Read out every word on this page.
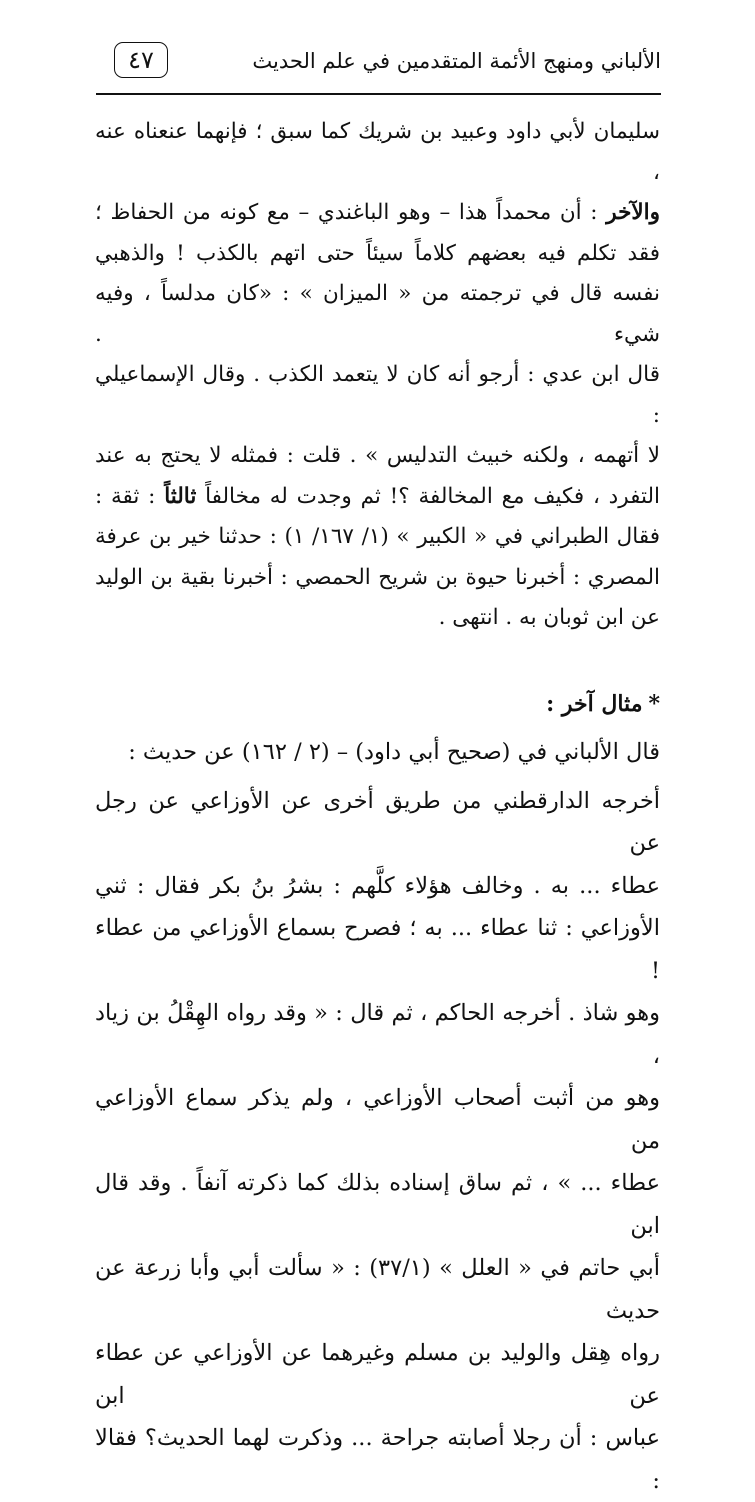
٤٧	الألباني ومنهج الأئمة المتقدمين في علم الحديث

سليمان لأبي داود وعبيد بن شريك كما سبق ؛ فإنهما عنعناه عنه ،

والآخر : أن محمداً هذا – وهو الباغندي – مع كونه من الحفاظ ؛

فقد تكلم فيه بعضهم كلاماً سيئاً حتى اتهم بالكذب ! والذهبي

نفسه قال في ترجمته من « الميزان » : «كان مدلساً ، وفيه شيء .

قال ابن عدي : أرجو أنه كان لا يتعمد الكذب . وقال الإسماعيلي :

لا أتهمه ، ولكنه خبيث التدليس » . قلت : فمثله لا يحتج به عند

التفرد ، فكيف مع المخالفة ؟! ثم وجدت له مخالفاً ثالثاً : ثقة :

فقال الطبراني في « الكبير » (١/ ١٦٧/ ١) : حدثنا خير بن عرفة

المصري : أخبرنا حيوة بن شريح الحمصي : أخبرنا بقية بن الوليد

عن ابن ثوبان به . انتهى .

*مثال آخر :

قال الألباني في (صحيح أبي داود) – (٢ / ١٦٢) عن حديث :

أخرجه الدارقطني من طريق أخرى عن الأوزاعي عن رجل عن

عطاء ... به . وخالف هؤلاء كلَّهم : بشرُ بنُ بكر فقال : ثني

الأوزاعي : ثنا عطاء ... به ؛ فصرح بسماع الأوزاعي من عطاء !

وهو شاذ . أخرجه الحاكم ، ثم قال : « وقد رواه الهِقْلُ بن زياد ،

وهو من أثبت أصحاب الأوزاعي ، ولم يذكر سماع الأوزاعي من

عطاء ... » ، ثم ساق إسناده بذلك كما ذكرته آنفاً . وقد قال ابن

أبي حاتم في « العلل » (٣٧/١) : « سألت أبي وأبا زرعة عن حديث

رواه هِقل والوليد بن مسلم وغيرهما عن الأوزاعي عن عطاء عن ابن

عباس : أن رجلا أصابته جراحة ... وذكرت لهما الحديث؟ فقالا :
